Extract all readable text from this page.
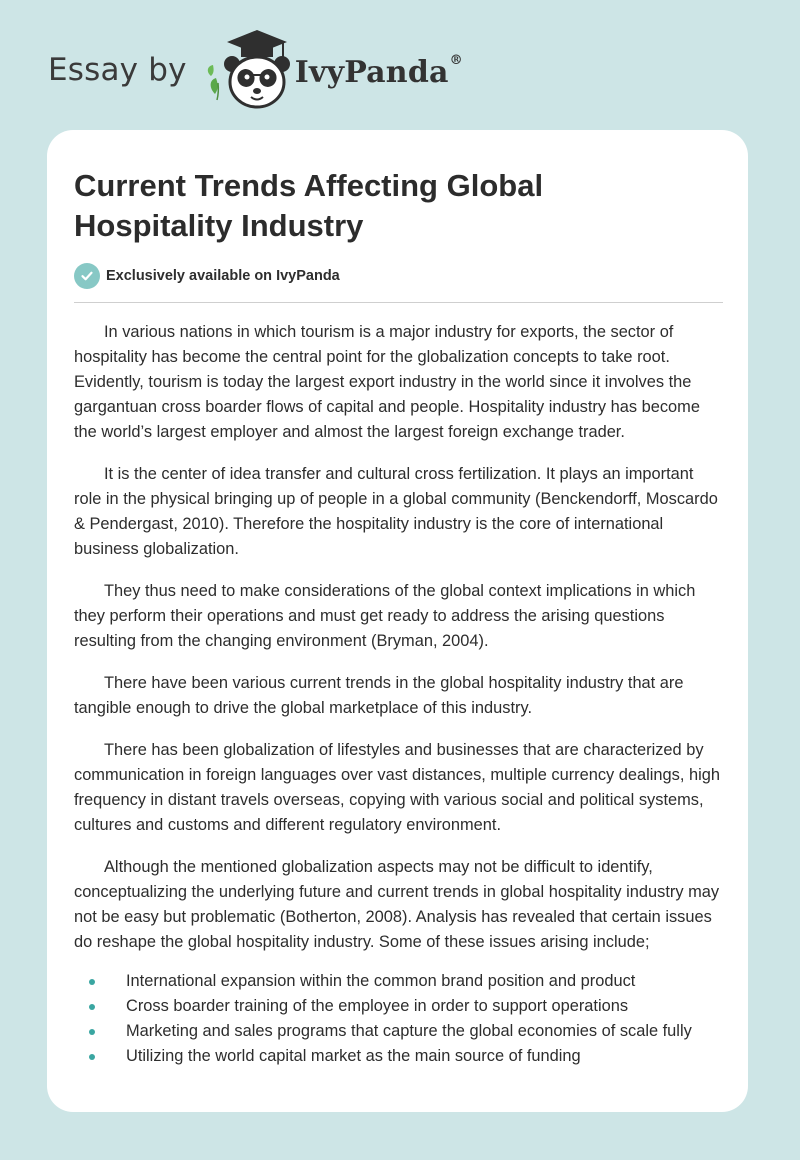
Essay by	IvyPanda®
Current Trends Affecting Global Hospitality Industry
Exclusively available on IvyPanda

In various nations in which tourism is a major industry for exports, the sector of hospitality has become the central point for the globalization concepts to take root. Evidently, tourism is today the largest export industry in the world since it involves the gargantuan cross boarder flows of capital and people. Hospitality industry has become the world’s largest employer and almost the largest foreign exchange trader.

It is the center of idea transfer and cultural cross fertilization. It plays an important role in the physical bringing up of people in a global community (Benckendorff, Moscardo & Pendergast, 2010). Therefore the hospitality industry is the core of international business globalization.

They thus need to make considerations of the global context implications in which they perform their operations and must get ready to address the arising questions resulting from the changing environment (Bryman, 2004).

There have been various current trends in the global hospitality industry that are tangible enough to drive the global marketplace of this industry.

There has been globalization of lifestyles and businesses that are characterized by communication in foreign languages over vast distances, multiple currency dealings, high frequency in distant travels overseas, copying with various social and political systems, cultures and customs and different regulatory environment.

Although the mentioned globalization aspects may not be difficult to identify, conceptualizing the underlying future and current trends in global hospitality industry may not be easy but problematic (Botherton, 2008). Analysis has revealed that certain issues do reshape the global hospitality industry. Some of these issues arising include;

International expansion within the common brand position and product
Cross boarder training of the employee in order to support operations
Marketing and sales programs that capture the global economies of scale fully
Utilizing the world capital market as the main source of funding
